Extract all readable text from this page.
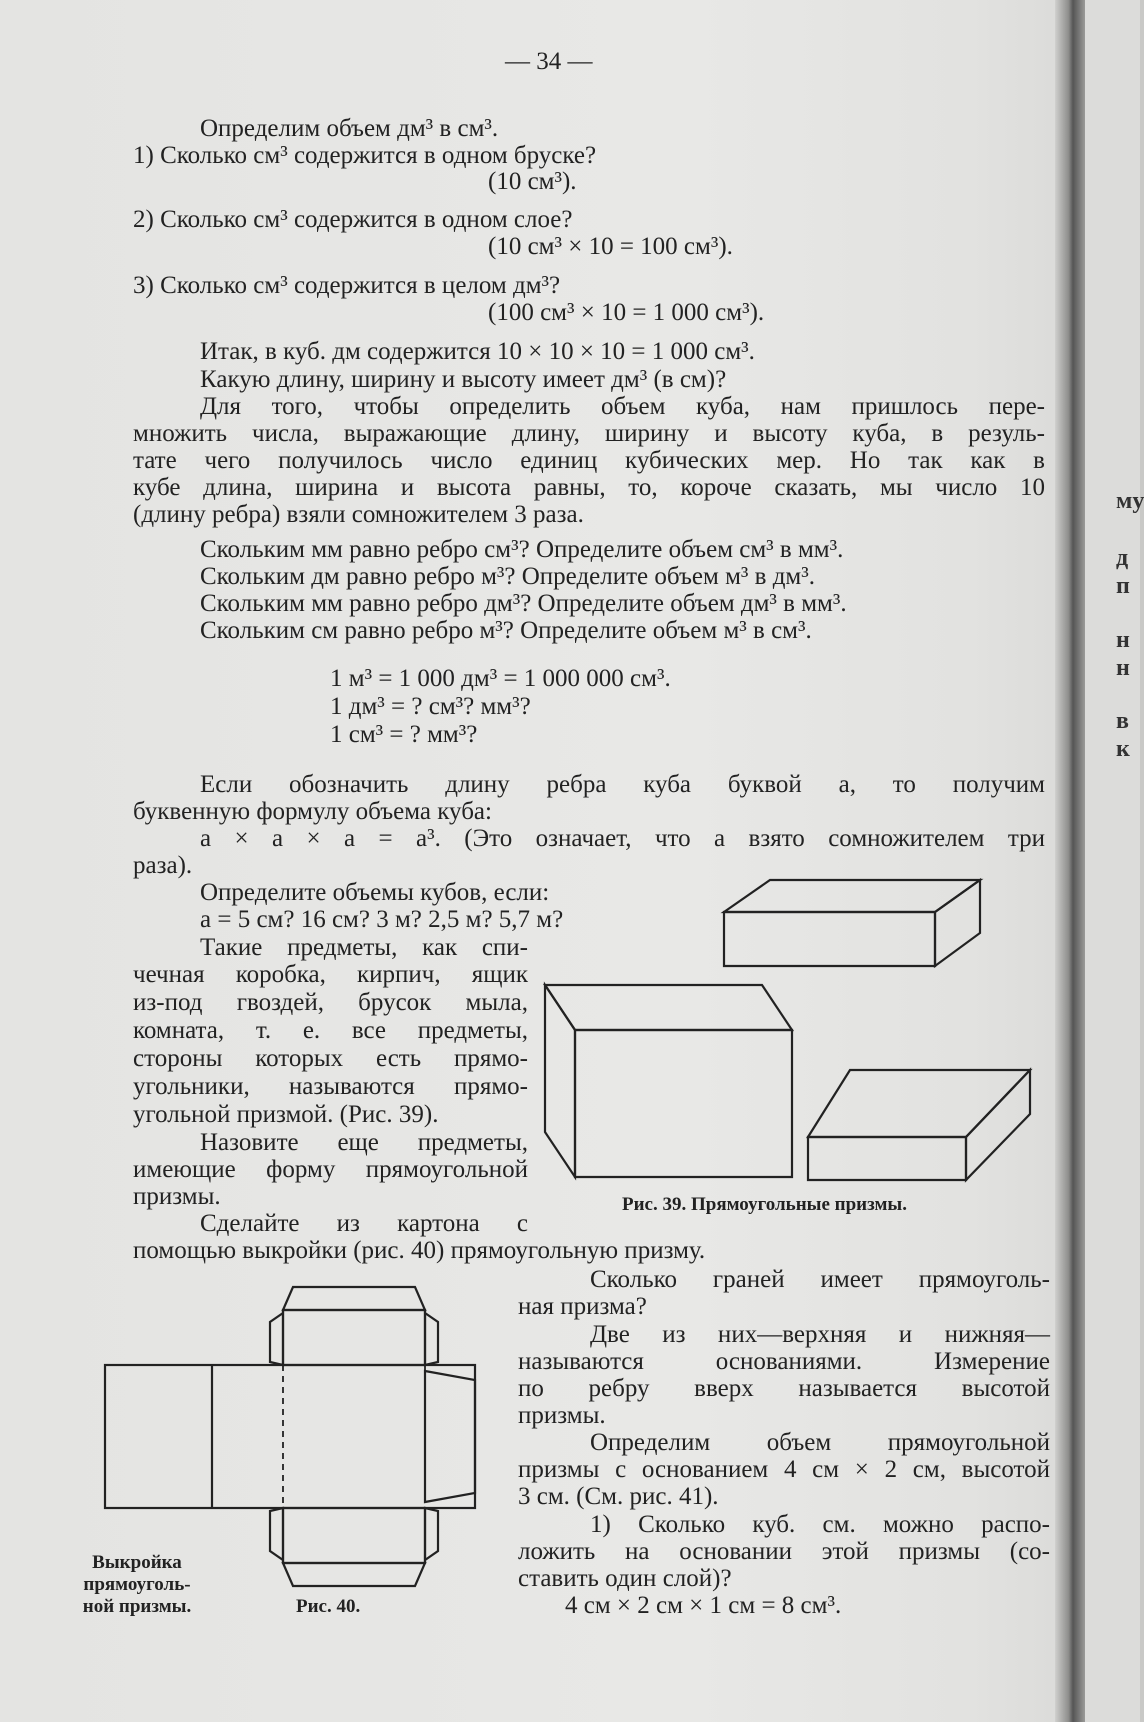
— 34 —
Определим объем дм³ в см³.
1) Сколько см³ содержится в одном бруске?
(10 см³).
2) Сколько см³ содержится в одном слое?
(10 см³ × 10 = 100 см³).
3) Сколько см³ содержится в целом дм³?
(100 см³ × 10 = 1 000 см³).
Итак, в куб. дм содержится 10 × 10 × 10 = 1 000 см³.
Какую длину, ширину и высоту имеет дм³ (в см)?
Для того, чтобы определить объем куба, нам пришлось пере-
множить числа, выражающие длину, ширину и высоту куба, в резуль-
тате чего получилось число единиц кубических мер. Но так как в
кубе длина, ширина и высота равны, то, короче сказать, мы число 10
(длину ребра) взяли сомножителем 3 раза.
Скольким мм равно ребро см³? Определите объем см³ в мм³.
Скольким дм равно ребро м³? Определите объем м³ в дм³.
Скольким мм равно ребро дм³? Определите объем дм³ в мм³.
Скольким см равно ребро м³? Определите объем м³ в см³.
1 м³ = 1 000 дм³ = 1 000 000 см³.
1 дм³ = ? см³? мм³?
1 см³ = ? мм³?
Если обозначить длину ребра куба буквой а, то получим
буквенную формулу объема куба:
а × а × а = а³. (Это означает, что а взято сомножителем три
раза).
Определите объемы кубов, если:
а = 5 см? 16 см? 3 м? 2,5 м? 5,7 м?
Такие предметы, как спи-
чечная коробка, кирпич, ящик
из-под гвоздей, брусок мыла,
комната, т. е. все предметы,
стороны которых есть прямо-
угольники, называются прямо-
угольной призмой. (Рис. 39).
Назовите еще предметы,
имеющие форму прямоугольной
призмы.
Сделайте из картона с
помощью выкройки (рис. 40) прямоугольную призму.
Сколько граней имеет прямоуголь-
ная призма?
Две из них—верхняя и нижняя—
называются основаниями. Измерение
по ребру вверх называется высотой
призмы.
Определим объем прямоугольной
призмы с основанием 4 см × 2 см, высотой
3 см. (См. рис. 41).
1) Сколько куб. см. можно распо-
ложить на основании этой призмы (со-
ставить один слой)?
4 см × 2 см × 1 см = 8 см³.
Рис. 39. Прямоугольные призмы.
Выкройка прямоуголь- ной призмы.	Рис. 40.
му
д
п
н
н
в
к
